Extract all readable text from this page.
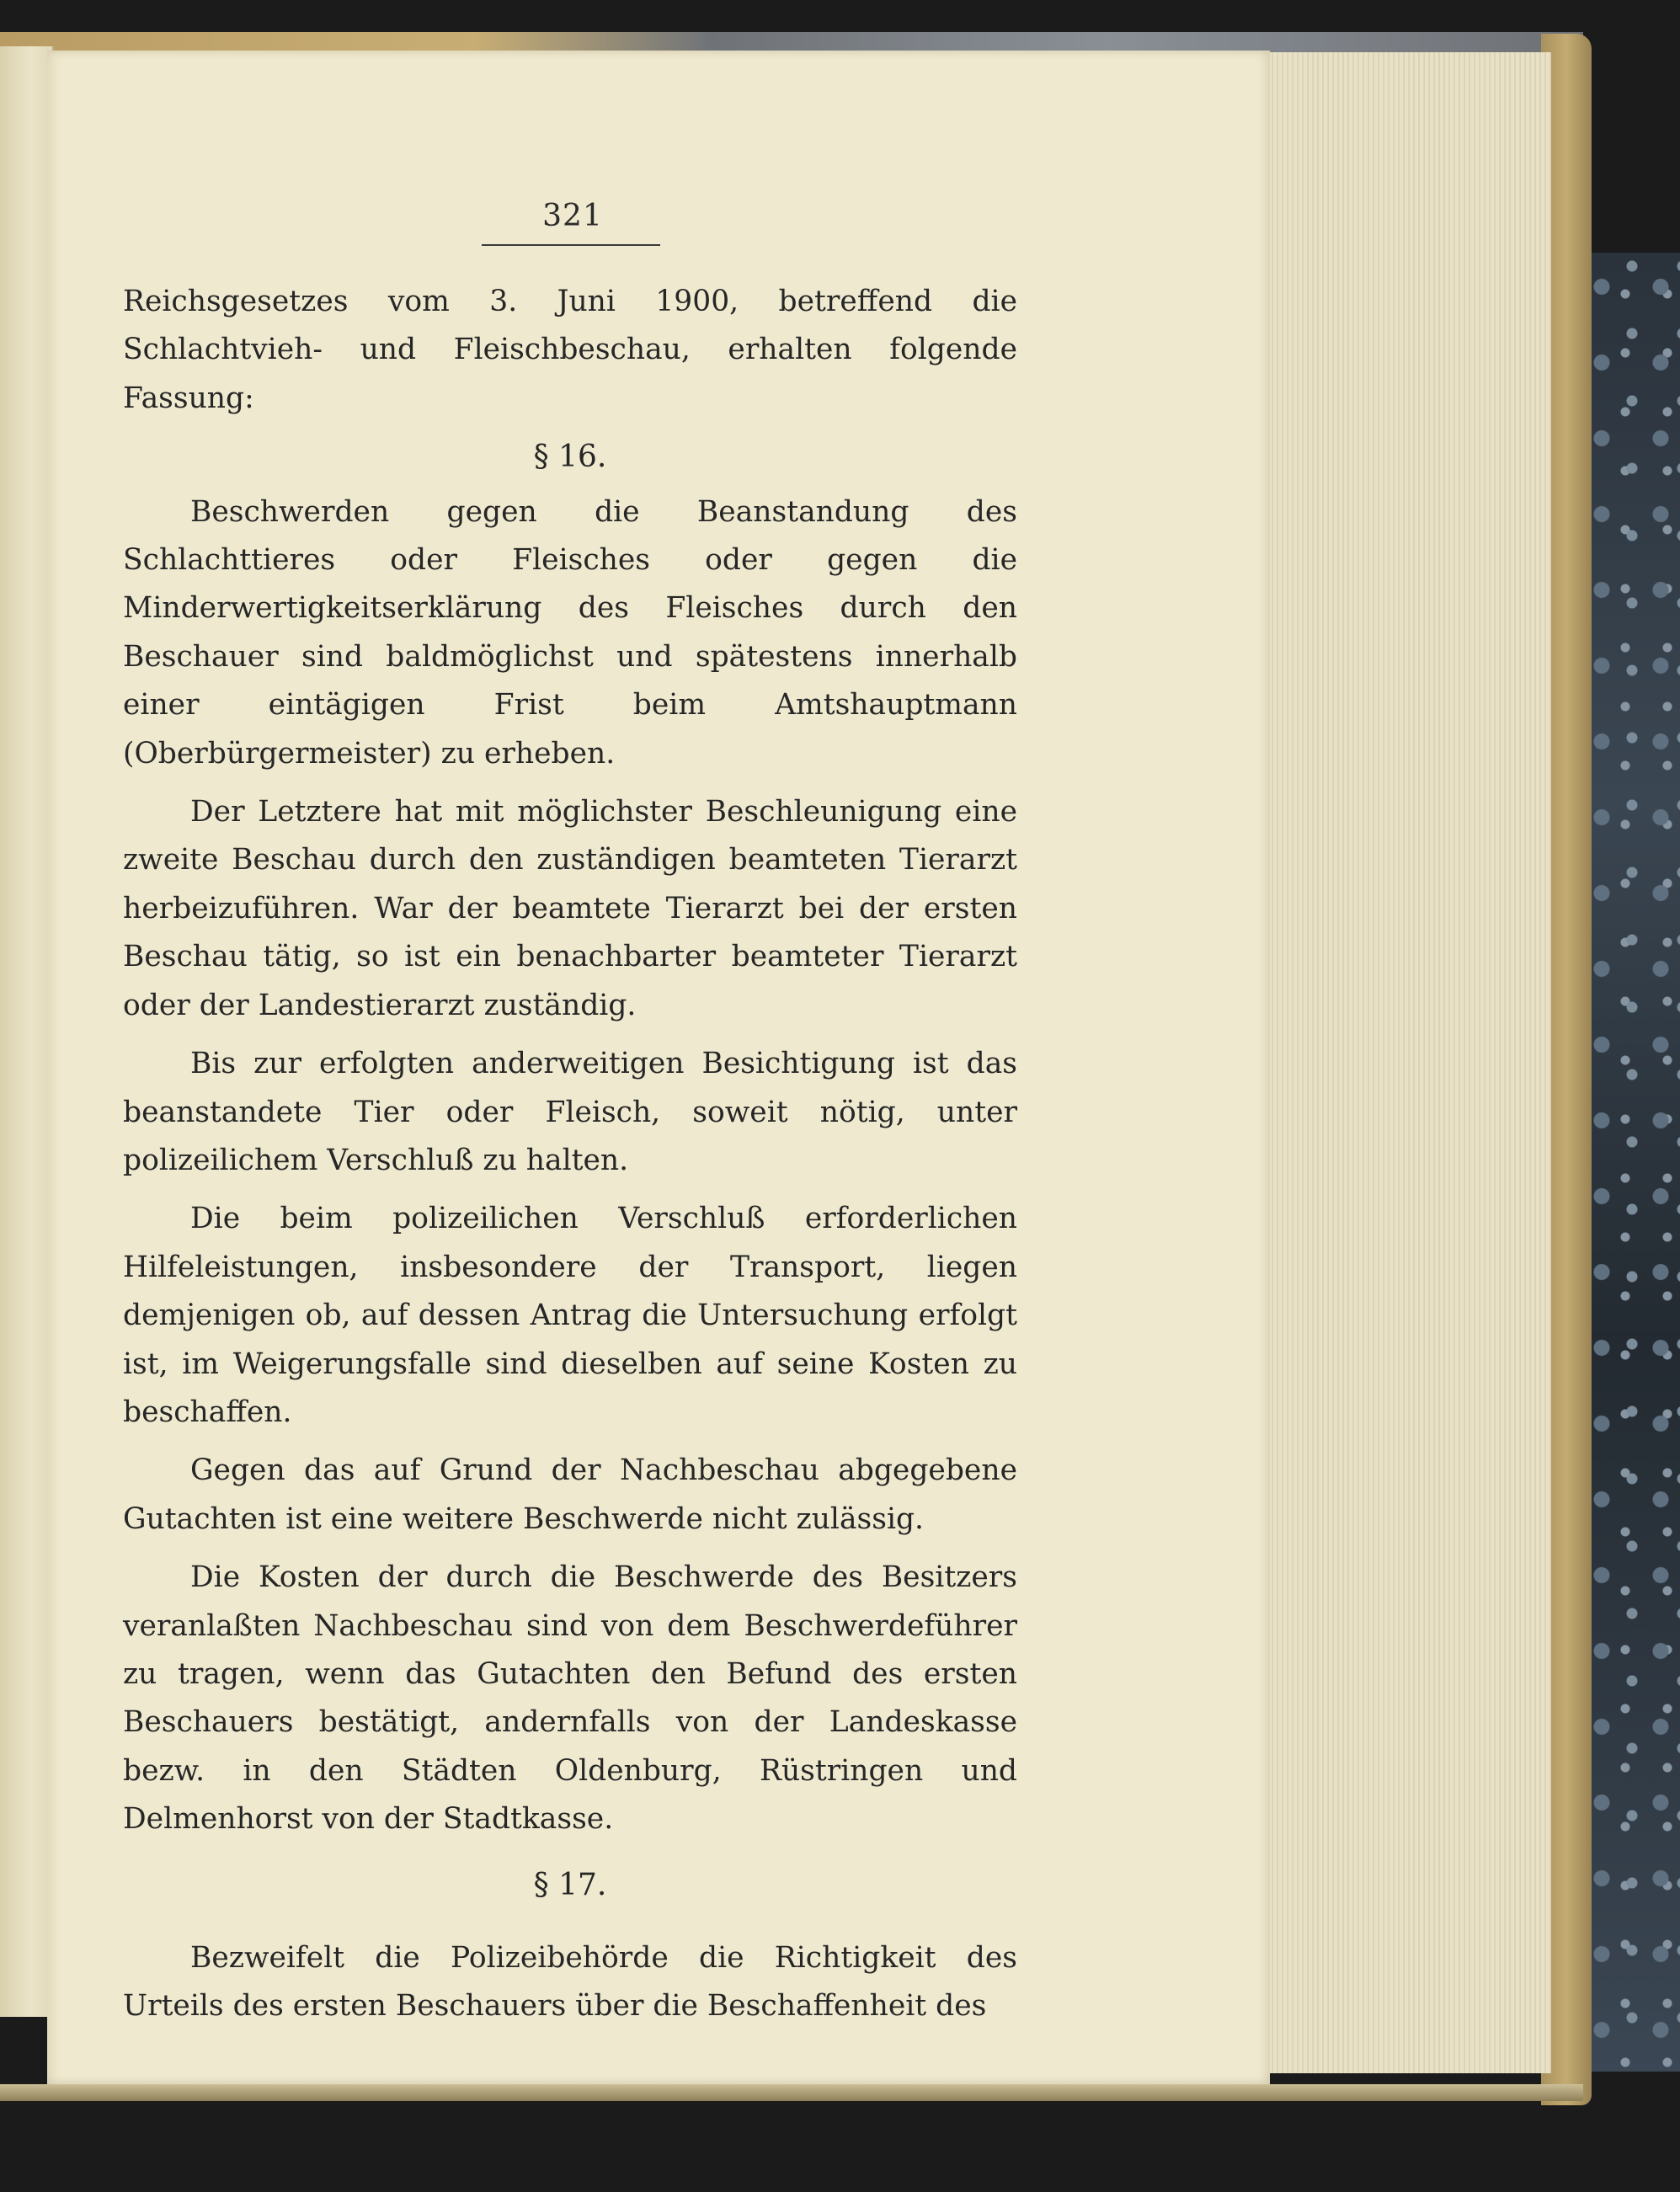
321

Reichsgesetzes vom 3. Juni 1900, betreffend die Schlachtvieh- und Fleischbeschau, erhalten folgende Fassung:

§ 16.

Beschwerden gegen die Beanstandung des Schlachttieres oder Fleisches oder gegen die Minderwertigkeitserklärung des Fleisches durch den Beschauer sind baldmöglichst und spätestens innerhalb einer eintägigen Frist beim Amtshauptmann (Oberbürgermeister) zu erheben.

Der Letztere hat mit möglichster Beschleunigung eine zweite Beschau durch den zuständigen beamteten Tierarzt herbeizuführen. War der beamtete Tierarzt bei der ersten Beschau tätig, so ist ein benachbarter beamteter Tierarzt oder der Landestierarzt zuständig.

Bis zur erfolgten anderweitigen Besichtigung ist das beanstandete Tier oder Fleisch, soweit nötig, unter polizeilichem Verschluß zu halten.

Die beim polizeilichen Verschluß erforderlichen Hilfeleistungen, insbesondere der Transport, liegen demjenigen ob, auf dessen Antrag die Untersuchung erfolgt ist, im Weigerungsfalle sind dieselben auf seine Kosten zu beschaffen.

Gegen das auf Grund der Nachbeschau abgegebene Gutachten ist eine weitere Beschwerde nicht zulässig.

Die Kosten der durch die Beschwerde des Besitzers veranlaßten Nachbeschau sind von dem Beschwerdeführer zu tragen, wenn das Gutachten den Befund des ersten Beschauers bestätigt, andernfalls von der Landeskasse bezw. in den Städten Oldenburg, Rüstringen und Delmenhorst von der Stadtkasse.

§ 17.

Bezweifelt die Polizeibehörde die Richtigkeit des Urteils des ersten Beschauers über die Beschaffenheit des
